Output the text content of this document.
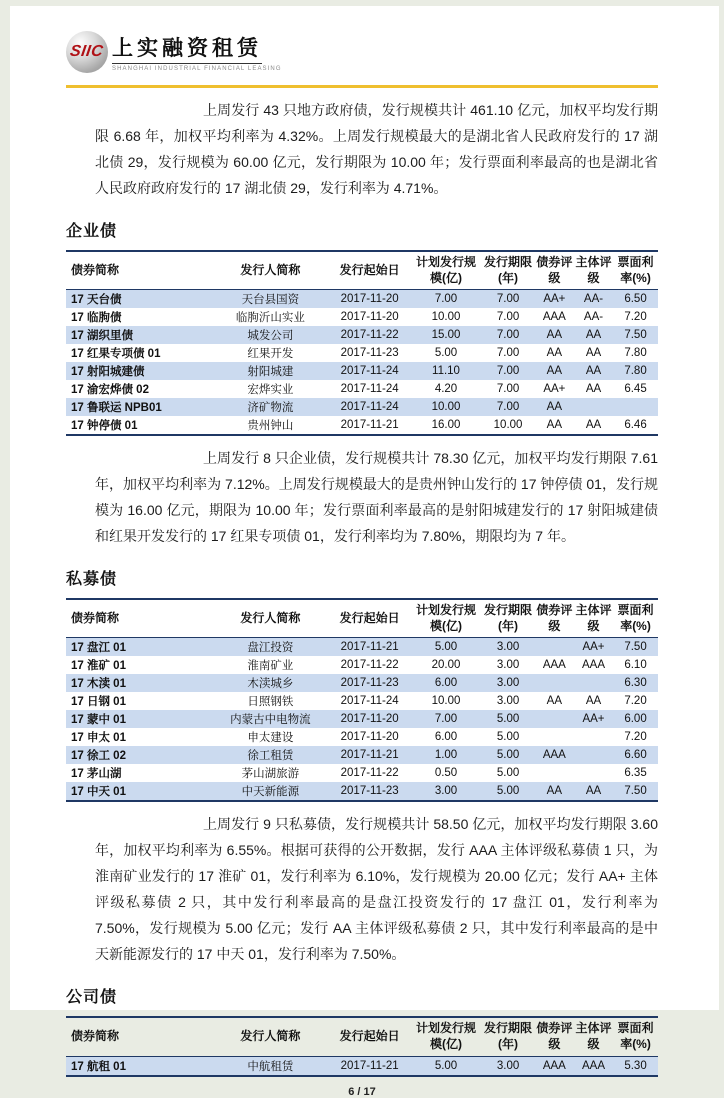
SIIC 上实融资租赁
SHANGHAI INDUSTRIAL FINANCIAL LEASING

上周发行 43 只地方政府债，发行规模共计 461.10 亿元，加权平均发行期限 6.68 年，加权平均利率为 4.32%。上周发行规模最大的是湖北省人民政府发行的 17 湖北债 29，发行规模为 60.00 亿元，发行期限为 10.00 年；发行票面利率最高的也是湖北省人民政府政府发行的 17 湖北债 29，发行利率为 4.71%。

企业债
债券简称	发行人简称	发行起始日	计划发行规模(亿)	发行期限(年)	债券评级	主体评级	票面利率(%)
17 天台债	天台县国资	2017-11-20	7.00	7.00	AA+	AA-	6.50
17 临朐债	临朐沂山实业	2017-11-20	10.00	7.00	AAA	AA-	7.20
17 湖织里债	城发公司	2017-11-22	15.00	7.00	AA	AA	7.50
17 红果专项债 01	红果开发	2017-11-23	5.00	7.00	AA	AA	7.80
17 射阳城建债	射阳城建	2017-11-24	11.10	7.00	AA	AA	7.80
17 渝宏烨债 02	宏烨实业	2017-11-24	4.20	7.00	AA+	AA	6.45
17 鲁联运 NPB01	济矿物流	2017-11-24	10.00	7.00	AA		
17 钟停债 01	贵州钟山	2017-11-21	16.00	10.00	AA	AA	6.46

上周发行 8 只企业债，发行规模共计 78.30 亿元，加权平均发行期限 7.61 年，加权平均利率为 7.12%。上周发行规模最大的是贵州钟山发行的 17 钟停债 01，发行规模为 16.00 亿元，期限为 10.00 年；发行票面利率最高的是射阳城建发行的 17 射阳城建债和红果开发发行的 17 红果专项债 01，发行利率均为 7.80%，期限均为 7 年。

私募债
债券简称	发行人简称	发行起始日	计划发行规模(亿)	发行期限(年)	债券评级	主体评级	票面利率(%)
17 盘江 01	盘江投资	2017-11-21	5.00	3.00		AA+	7.50
17 淮矿 01	淮南矿业	2017-11-22	20.00	3.00	AAA	AAA	6.10
17 木渎 01	木渎城乡	2017-11-23	6.00	3.00			6.30
17 日钢 01	日照钢铁	2017-11-24	10.00	3.00	AA	AA	7.20
17 蒙中 01	内蒙古中电物流	2017-11-20	7.00	5.00		AA+	6.00
17 申太 01	申太建设	2017-11-20	6.00	5.00			7.20
17 徐工 02	徐工租赁	2017-11-21	1.00	5.00	AAA		6.60
17 茅山湖	茅山湖旅游	2017-11-22	0.50	5.00			6.35
17 中天 01	中天新能源	2017-11-23	3.00	5.00	AA	AA	7.50

上周发行 9 只私募债，发行规模共计 58.50 亿元，加权平均发行期限 3.60 年，加权平均利率为 6.55%。根据可获得的公开数据，发行 AAA 主体评级私募债 1 只，为淮南矿业发行的 17 淮矿 01，发行利率为 6.10%，发行规模为 20.00 亿元；发行 AA+ 主体评级私募债 2 只，其中发行利率最高的是盘江投资发行的 17 盘江 01，发行利率为 7.50%，发行规模为 5.00 亿元；发行 AA 主体评级私募债 2 只，其中发行利率最高的是中天新能源发行的 17 中天 01，发行利率为 7.50%。

公司债
债券简称	发行人简称	发行起始日	计划发行规模(亿)	发行期限(年)	债券评级	主体评级	票面利率(%)
17 航租 01	中航租赁	2017-11-21	5.00	3.00	AAA	AAA	5.30
6 / 17
